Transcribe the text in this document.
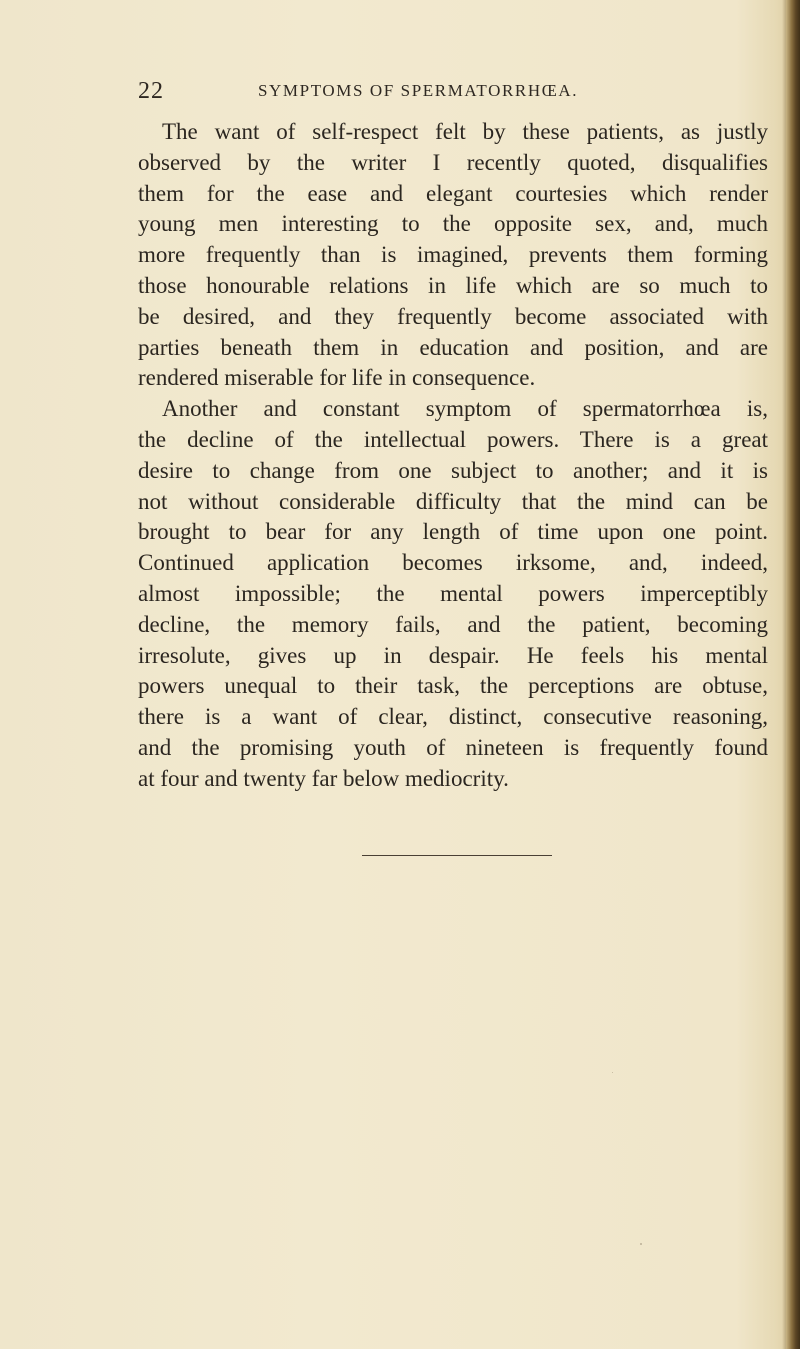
22	SYMPTOMS OF SPERMATORRHŒA.
The want of self-respect felt by these patients, as justly
observed by the writer I recently quoted, disqualifies
them for the ease and elegant courtesies which render
young men interesting to the opposite sex, and, much
more frequently than is imagined, prevents them forming
those honourable relations in life which are so much to
be desired, and they frequently become associated with
parties beneath them in education and position, and are
rendered miserable for life in consequence.
Another and constant symptom of spermatorrhœa is,
the decline of the intellectual powers. There is a great
desire to change from one subject to another; and it is
not without considerable difficulty that the mind can be
brought to bear for any length of time upon one point.
Continued application becomes irksome, and, indeed,
almost impossible; the mental powers imperceptibly
decline, the memory fails, and the patient, becoming
irresolute, gives up in despair. He feels his mental
powers unequal to their task, the perceptions are obtuse,
there is a want of clear, distinct, consecutive reasoning,
and the promising youth of nineteen is frequently found
at four and twenty far below mediocrity.
